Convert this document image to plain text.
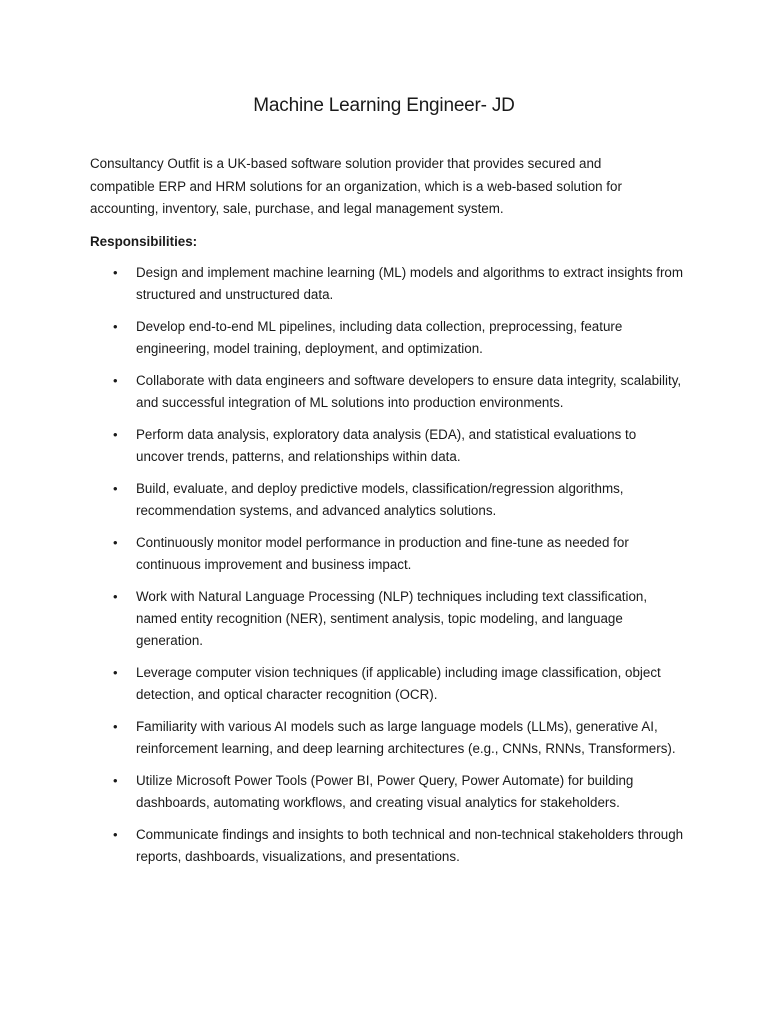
Machine Learning Engineer- JD

Consultancy Outfit is a UK-based software solution provider that provides secured and compatible ERP and HRM solutions for an organization, which is a web-based solution for accounting, inventory, sale, purchase, and legal management system.

Responsibilities:

• Design and implement machine learning (ML) models and algorithms to extract insights from structured and unstructured data.
• Develop end-to-end ML pipelines, including data collection, preprocessing, feature engineering, model training, deployment, and optimization.
• Collaborate with data engineers and software developers to ensure data integrity, scalability, and successful integration of ML solutions into production environments.
• Perform data analysis, exploratory data analysis (EDA), and statistical evaluations to uncover trends, patterns, and relationships within data.
• Build, evaluate, and deploy predictive models, classification/regression algorithms, recommendation systems, and advanced analytics solutions.
• Continuously monitor model performance in production and fine-tune as needed for continuous improvement and business impact.
• Work with Natural Language Processing (NLP) techniques including text classification, named entity recognition (NER), sentiment analysis, topic modeling, and language generation.
• Leverage computer vision techniques (if applicable) including image classification, object detection, and optical character recognition (OCR).
• Familiarity with various AI models such as large language models (LLMs), generative AI, reinforcement learning, and deep learning architectures (e.g., CNNs, RNNs, Transformers).
• Utilize Microsoft Power Tools (Power BI, Power Query, Power Automate) for building dashboards, automating workflows, and creating visual analytics for stakeholders.
• Communicate findings and insights to both technical and non-technical stakeholders through reports, dashboards, visualizations, and presentations.
